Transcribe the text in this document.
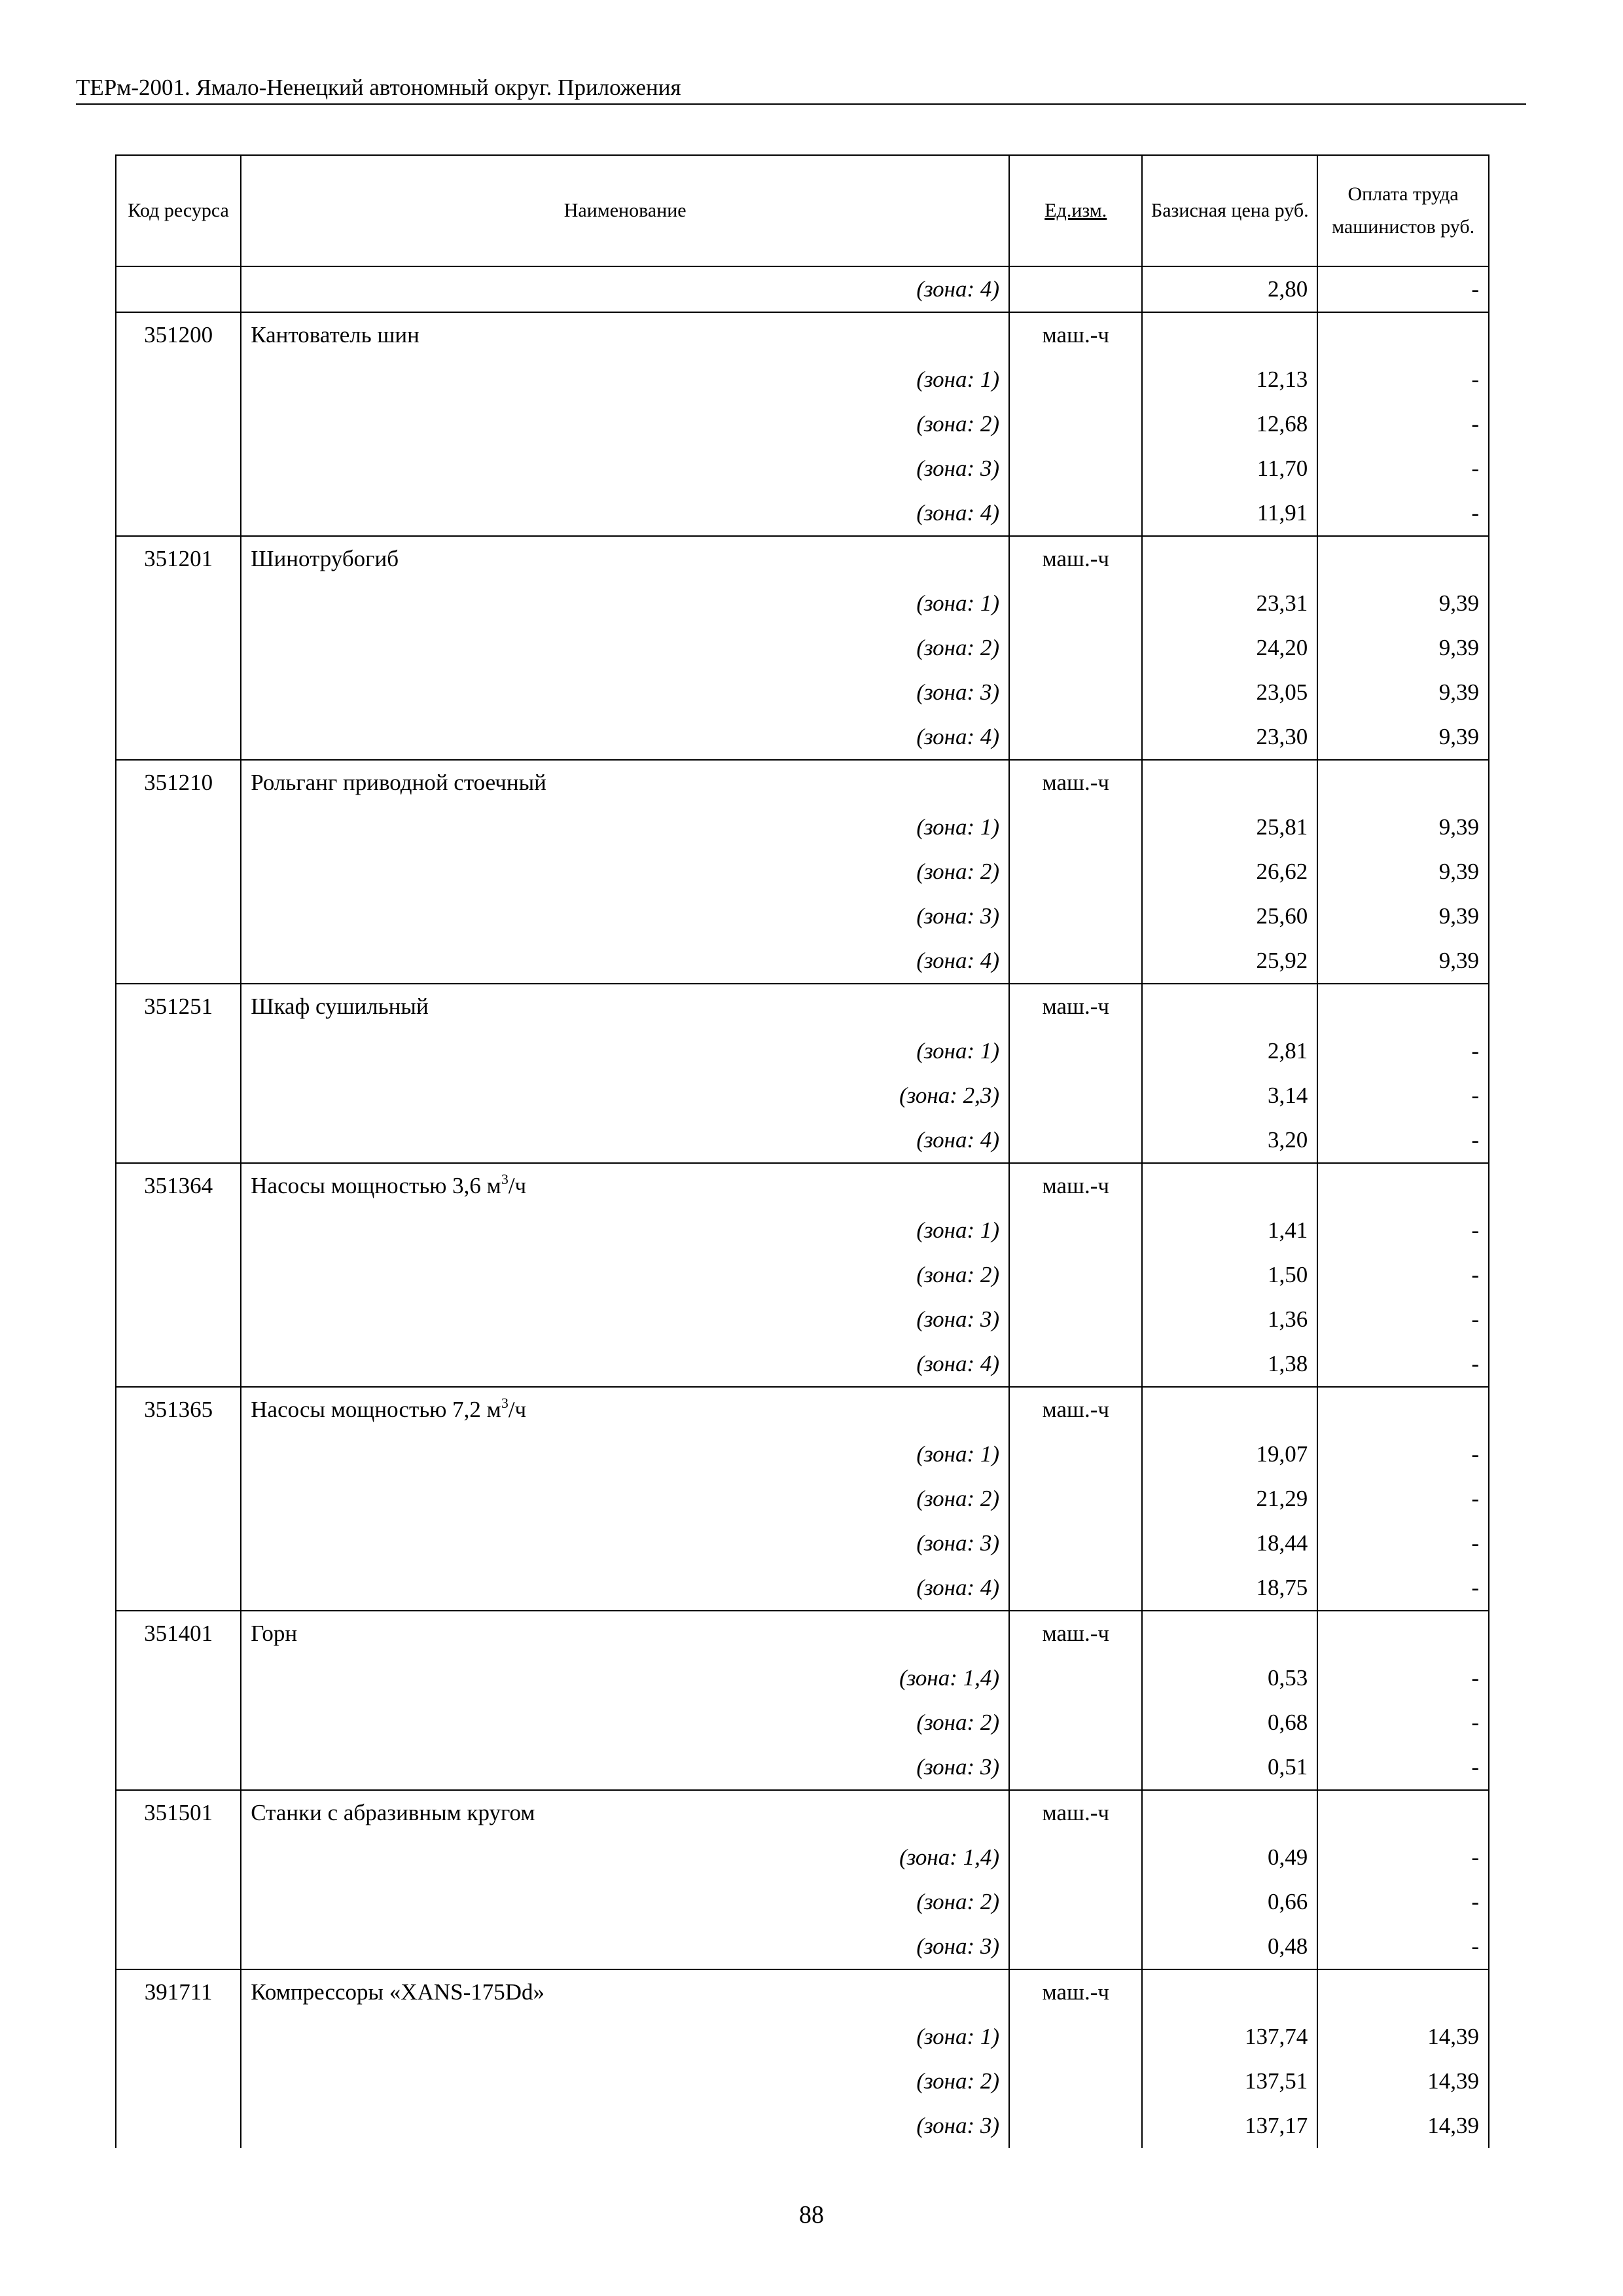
ТЕРм-2001. Ямало-Ненецкий автономный округ. Приложения
Код ресурса	Наименование	Ед.изм.	Базисная цена руб.	Оплата труда машинистов руб.
	(зона: 4)		2,80	-
351200	Кантователь шин	маш.-ч		
	(зона: 1)		12,13	-
	(зона: 2)		12,68	-
	(зона: 3)		11,70	-
	(зона: 4)		11,91	-
351201	Шинотрубогиб	маш.-ч		
	(зона: 1)		23,31	9,39
	(зона: 2)		24,20	9,39
	(зона: 3)		23,05	9,39
	(зона: 4)		23,30	9,39
351210	Рольганг приводной стоечный	маш.-ч		
	(зона: 1)		25,81	9,39
	(зона: 2)		26,62	9,39
	(зона: 3)		25,60	9,39
	(зона: 4)		25,92	9,39
351251	Шкаф сушильный	маш.-ч		
	(зона: 1)		2,81	-
	(зона: 2,3)		3,14	-
	(зона: 4)		3,20	-
351364	Насосы мощностью 3,6 $м^3/ч$	маш.-ч		
	(зона: 1)		1,41	-
	(зона: 2)		1,50	-
	(зона: 3)		1,36	-
	(зона: 4)		1,38	-
351365	Насосы мощностью 7,2 $м^3/ч$	маш.-ч		
	(зона: 1)		19,07	-
	(зона: 2)		21,29	-
	(зона: 3)		18,44	-
	(зона: 4)		18,75	-
351401	Горн	маш.-ч		
	(зона: 1,4)		0,53	-
	(зона: 2)		0,68	-
	(зона: 3)		0,51	-
351501	Станки с абразивным кругом	маш.-ч		
	(зона: 1,4)		0,49	-
	(зона: 2)		0,66	-
	(зона: 3)		0,48	-
391711	Компрессоры «XANS-175Dd»	маш.-ч		
	(зона: 1)		137,74	14,39
	(зона: 2)		137,51	14,39
	(зона: 3)		137,17	14,39
88
